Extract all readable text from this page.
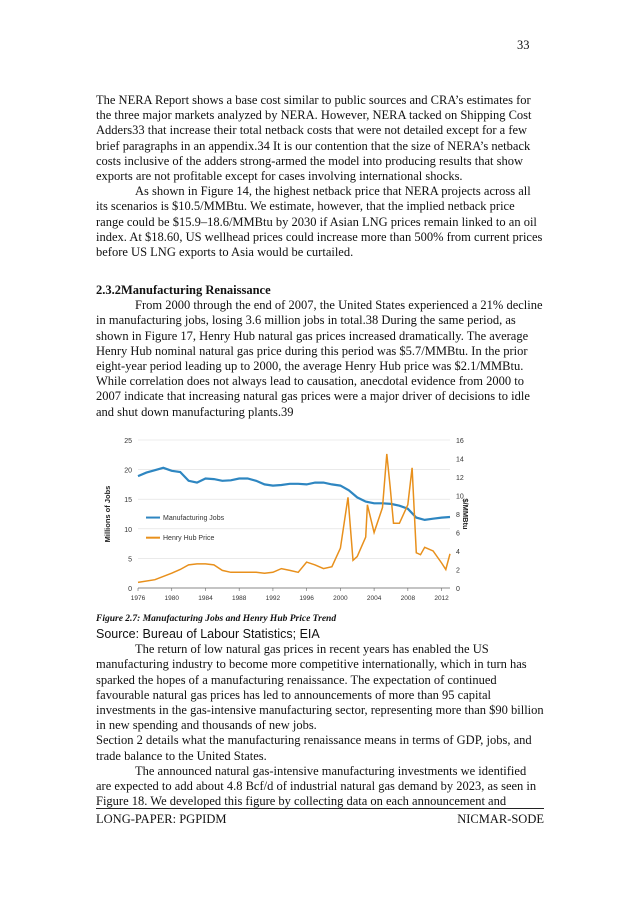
33

The NERA Report shows a base cost similar to public sources and CRA’s estimates for the three major markets analyzed by NERA. However, NERA tacked on Shipping Cost Adders33 that increase their total netback costs that were not detailed except for a few brief paragraphs in an appendix.34 It is our contention that the size of NERA’s netback costs inclusive of the adders strong-armed the model into producing results that show exports are not profitable except for cases involving international shocks.

As shown in Figure 14, the highest netback price that NERA projects across all its scenarios is $10.5/MMBtu. We estimate, however, that the implied netback price range could be $15.9–18.6/MMBtu by 2030 if Asian LNG prices remain linked to an oil index. At $18.60, US wellhead prices could increase more than 500% from current prices before US LNG exports to Asia would be curtailed.

2.3.2Manufacturing Renaissance

From 2000 through the end of 2007, the United States experienced a 21% decline in manufacturing jobs, losing 3.6 million jobs in total.38 During the same period, as shown in Figure 17, Henry Hub natural gas prices increased dramatically. The average Henry Hub nominal natural gas price during this period was $5.7/MMBtu. In the prior eight-year period leading up to 2000, the average Henry Hub price was $2.1/MMBtu. While correlation does not always lead to causation, anecdotal evidence from 2000 to 2007 indicate that increasing natural gas prices were a major driver of decisions to idle and shut down manufacturing plants.39

0
5
10
15
20
25
0
2
4
6
8
10
12
14
16
1976	1980	1984	1988	1992	1996	2000	2004	2008	2012
Millions of Jobs	$/MMBtu
Manufacturing Jobs
Henry Hub Price
Figure 2.7: Manufacturing Jobs and Henry Hub Price Trend

Source: Bureau of Labour Statistics; EIA

The return of low natural gas prices in recent years has enabled the US manufacturing industry to become more competitive internationally, which in turn has sparked the hopes of a manufacturing renaissance. The expectation of continued favourable natural gas prices has led to announcements of more than 95 capital investments in the gas-intensive manufacturing sector, representing more than $90 billion in new spending and thousands of new jobs.

Section 2 details what the manufacturing renaissance means in terms of GDP, jobs, and trade balance to the United States.

The announced natural gas-intensive manufacturing investments we identified are expected to add about 4.8 Bcf/d of industrial natural gas demand by 2023, as seen in Figure 18. We developed this figure by collecting data on each announcement and

LONG-PAPER: PGPIDM	NICMAR-SODE
